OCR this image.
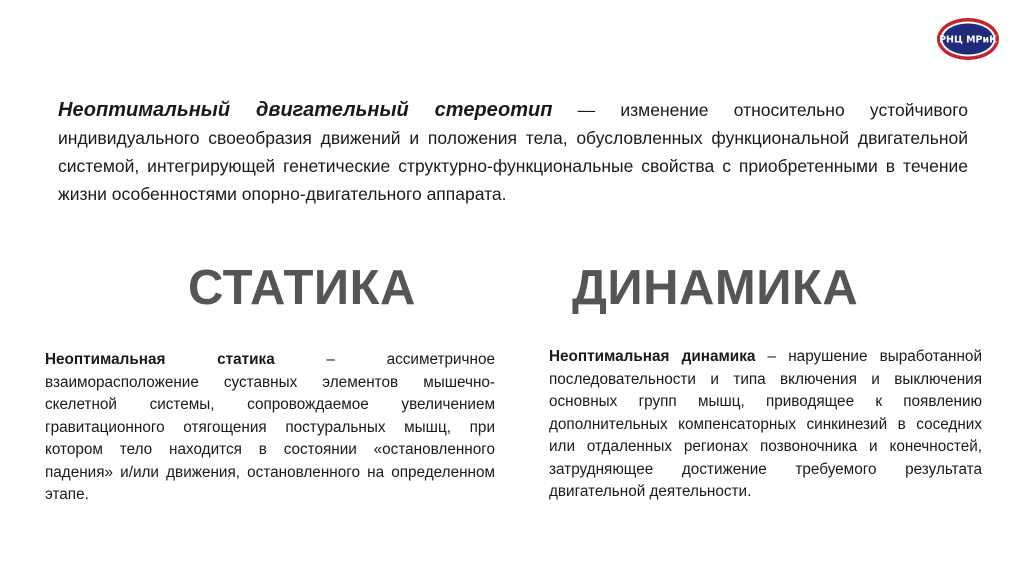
РНЦ МРиК

Неоптимальный двигательный стереотип — изменение относительно устойчивого индивидуального своеобразия движений и положения тела, обусловленных функциональной двигательной системой, интегрирующей генетические структурно-функциональные свойства с приобретенными в течение жизни особенностями опорно-двигательного аппарата.

СТАТИКА	ДИНАМИКА

Неоптимальная статика – ассиметричное взаиморасположение суставных элементов мышечно-скелетной системы, сопровождаемое увеличением гравитационного отягощения постуральных мышц, при котором тело находится в состоянии «остановленного падения» и/или движения, остановленного на определенном этапе.

Неоптимальная динамика – нарушение выработанной последовательности и типа включения и выключения основных групп мышц, приводящее к появлению дополнительных компенсаторных синкинезий в соседних или отдаленных регионах позвоночника и конечностей, затрудняющее достижение требуемого результата двигательной деятельности.
